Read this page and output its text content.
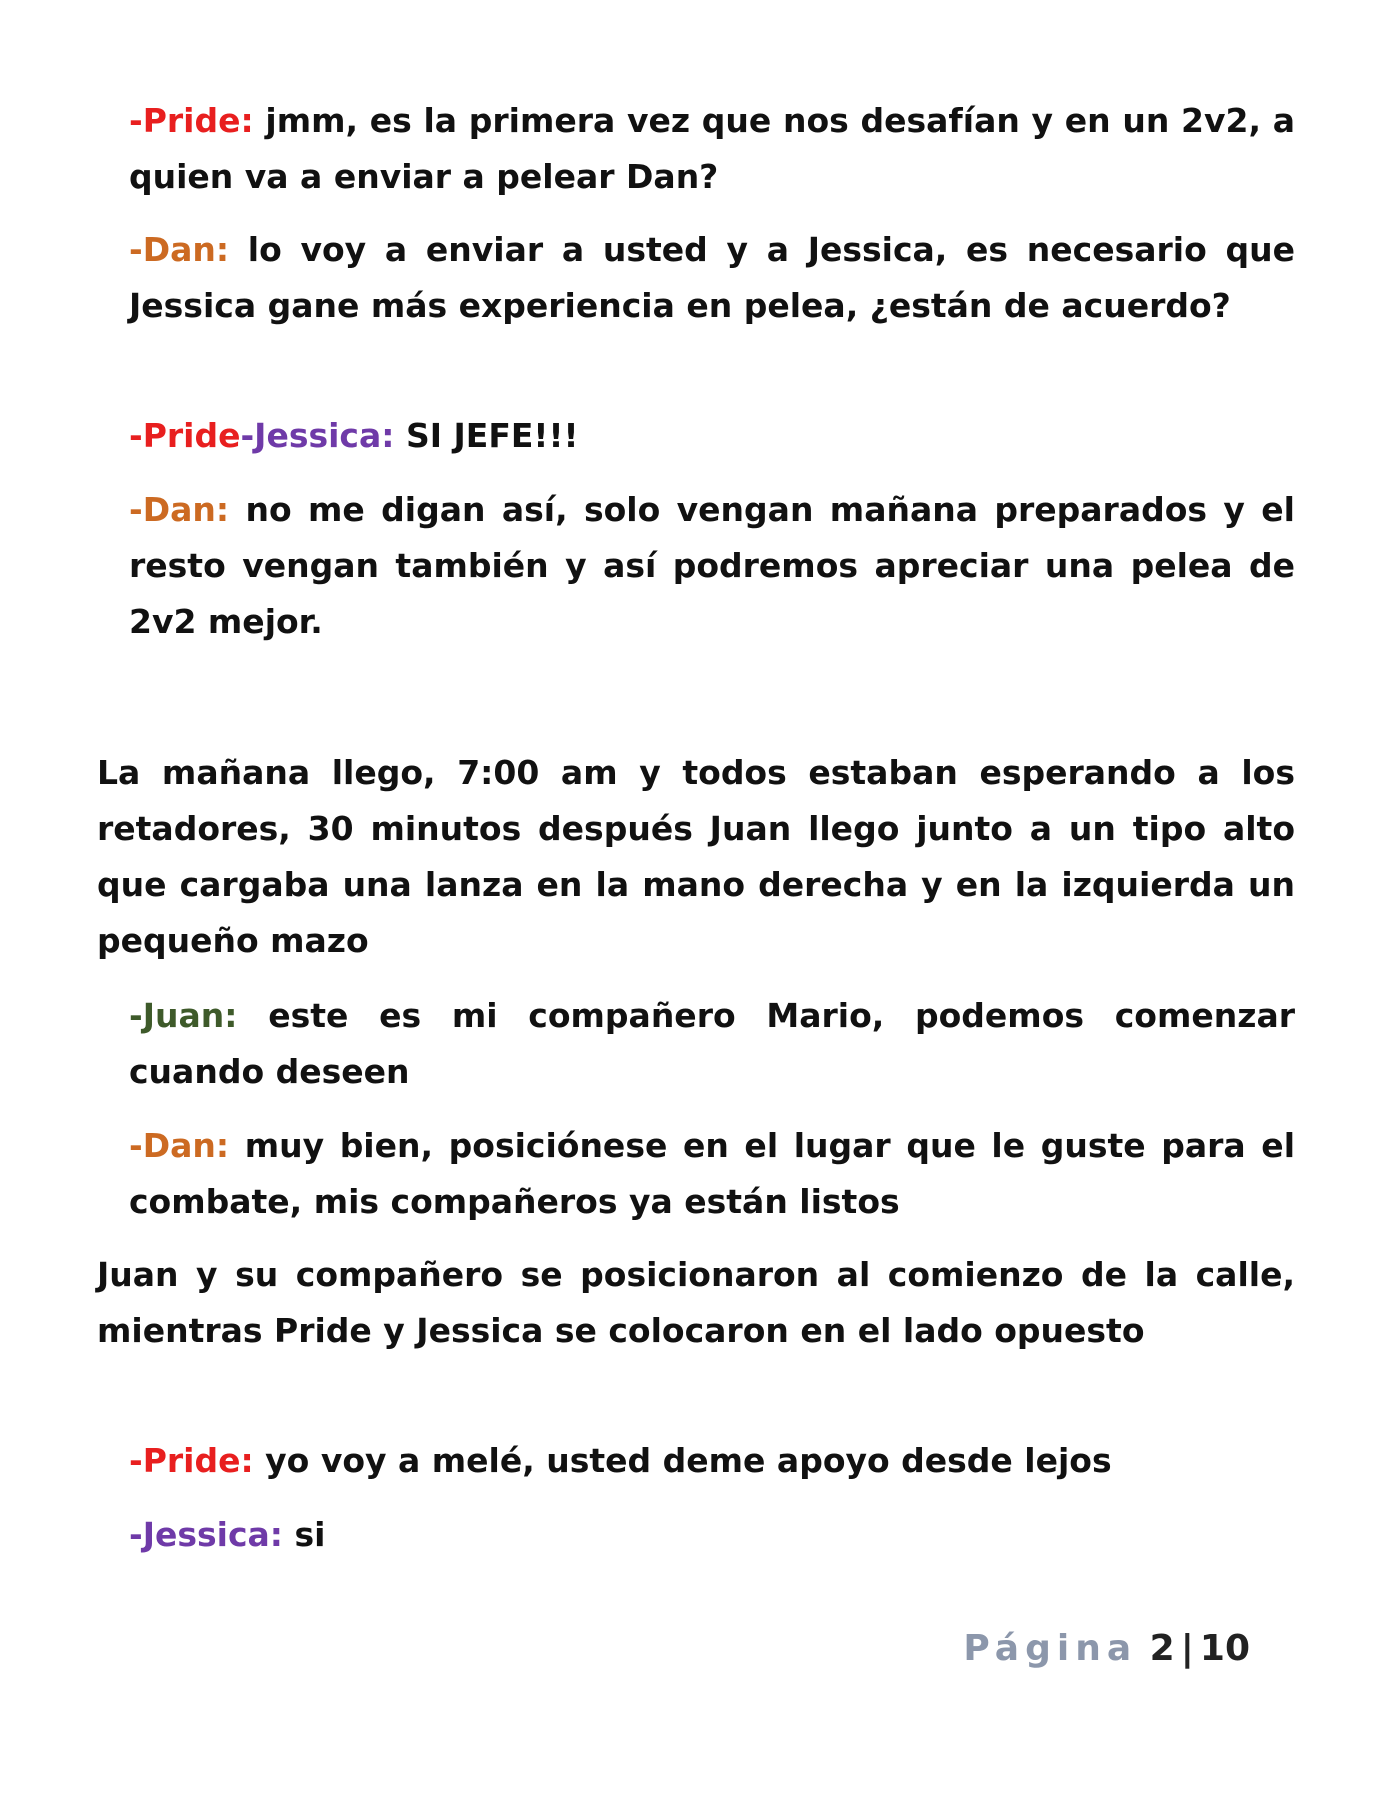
-Pride: jmm, es la primera vez que nos desafían y en un 2v2, a quien va a enviar a pelear Dan?

-Dan: lo voy a enviar a usted y a Jessica, es necesario que Jessica gane más experiencia en pelea, ¿están de acuerdo?

-Pride-Jessica: SI JEFE!!!

-Dan: no me digan así, solo vengan mañana preparados y el resto vengan también y así podremos apreciar una pelea de 2v2 mejor.

La mañana llego, 7:00 am y todos estaban esperando a los retadores, 30 minutos después Juan llego junto a un tipo alto que cargaba una lanza en la mano derecha y en la izquierda un pequeño mazo

-Juan: este es mi compañero Mario, podemos comenzar cuando deseen

-Dan: muy bien, posiciónese en el lugar que le guste para el combate, mis compañeros ya están listos

Juan y su compañero se posicionaron al comienzo de la calle, mientras Pride y Jessica se colocaron en el lado opuesto

-Pride: yo voy a melé, usted deme apoyo desde lejos

-Jessica: si

Página 2 | 10
